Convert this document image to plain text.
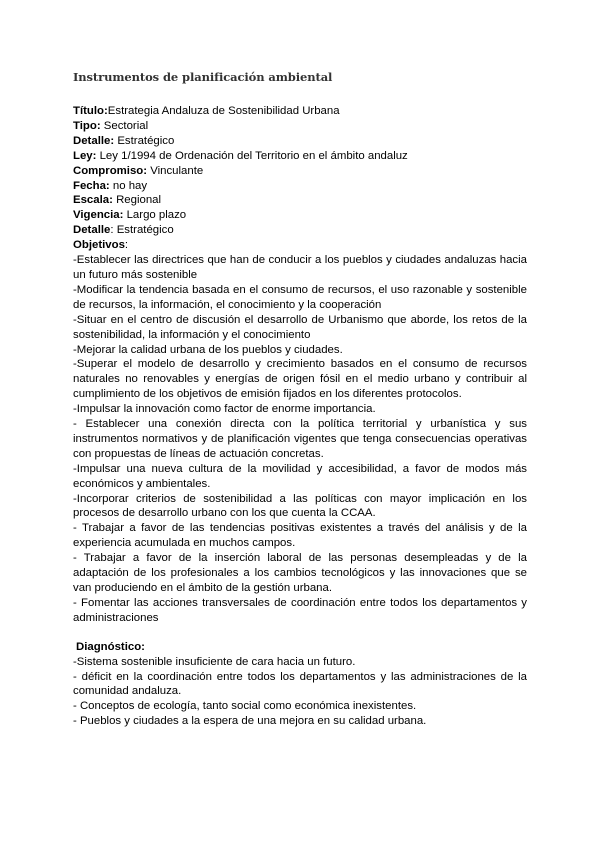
Instrumentos de planificación ambiental
Título:Estrategia Andaluza de Sostenibilidad Urbana
Tipo: Sectorial
Detalle: Estratégico
Ley: Ley 1/1994 de Ordenación del Territorio en el ámbito andaluz
Compromiso: Vinculante
Fecha: no hay
Escala: Regional
Vigencia: Largo plazo
Detalle: Estratégico
Objetivos:
-Establecer las directrices que han de conducir a los pueblos y ciudades andaluzas hacia un futuro más sostenible
-Modificar la tendencia basada en el consumo de recursos, el uso razonable y sostenible de recursos, la información, el conocimiento y la cooperación
-Situar en el centro de discusión el desarrollo de Urbanismo que aborde, los retos de la sostenibilidad, la información y el conocimiento
-Mejorar la calidad urbana de los pueblos y ciudades.
-Superar el modelo de desarrollo y crecimiento basados en el consumo de recursos naturales no renovables y energías de origen fósil en el medio urbano y contribuir al cumplimiento de los objetivos de emisión fijados en los diferentes protocolos.
-Impulsar la innovación como factor de enorme importancia.
- Establecer una conexión directa con la política territorial y urbanística y sus instrumentos normativos y de planificación vigentes que tenga consecuencias operativas con propuestas de líneas de actuación concretas.
-Impulsar una nueva cultura de la movilidad y accesibilidad, a favor de modos más económicos y ambientales.
-Incorporar criterios de sostenibilidad a las políticas con mayor implicación en los procesos de desarrollo urbano con los que cuenta la CCAA.
- Trabajar a favor de las tendencias positivas existentes a través del análisis y de la experiencia acumulada en muchos campos.
- Trabajar a favor de la inserción laboral de las personas desempleadas y de la adaptación de los profesionales a los cambios tecnológicos y las innovaciones que se van produciendo en el ámbito de la gestión urbana.
- Fomentar las acciones transversales de coordinación entre todos los departamentos y administraciones
Diagnóstico:
-Sistema sostenible insuficiente de cara hacia un futuro.
- déficit en la coordinación entre todos los departamentos y las administraciones de la comunidad andaluza.
- Conceptos de ecología, tanto social como económica inexistentes.
- Pueblos y ciudades a la espera de una mejora en su calidad urbana.
